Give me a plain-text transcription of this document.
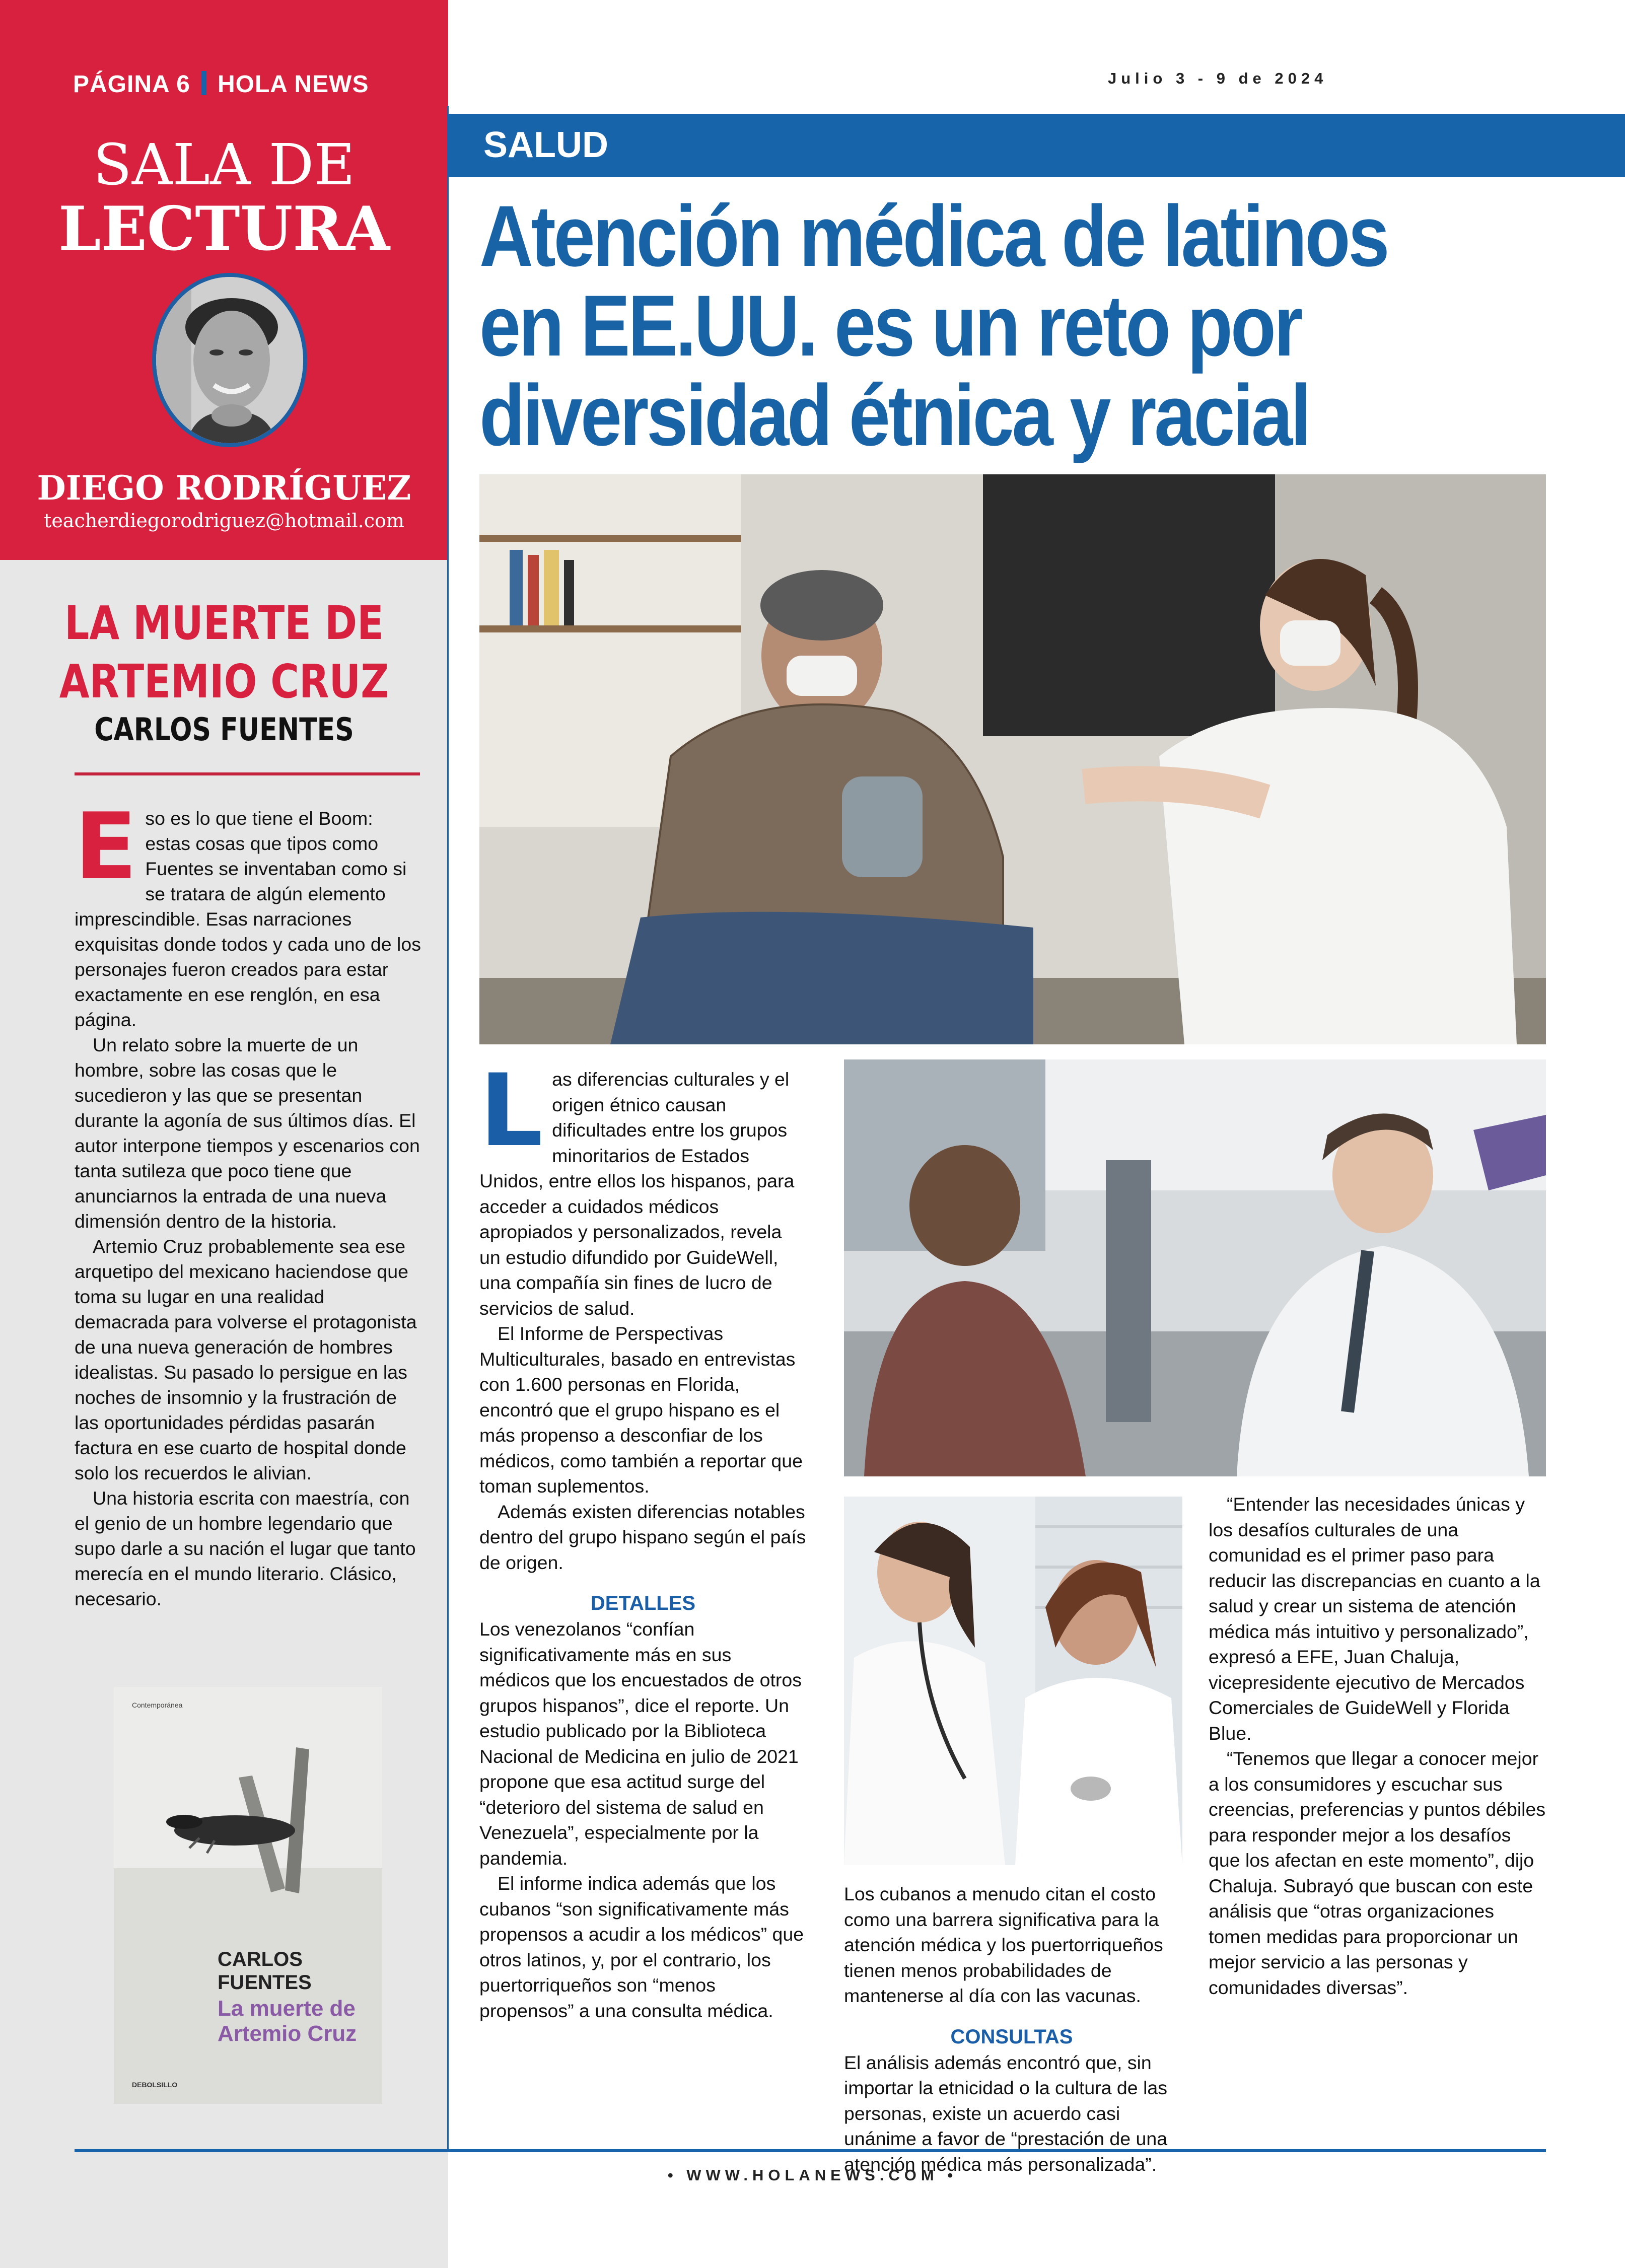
PÁGINA 6 HOLA NEWS
SALA DE
LECTURA
DIEGO RODRÍGUEZ
teacherdiegorodriguez@hotmail.com
LA MUERTE DE
ARTEMIO CRUZ
CARLOS FUENTES

Eso es lo que tiene el Boom: estas cosas que tipos como Fuentes se inventaban como si se tratara de algún elemento imprescindible. Esas narraciones exquisitas donde todos y cada uno de los personajes fueron creados para estar exactamente en ese renglón, en esa página.

Un relato sobre la muerte de un hombre, sobre las cosas que le sucedieron y las que se presentan durante la agonía de sus últimos días. El autor interpone tiempos y escenarios con tanta sutileza que poco tiene que anunciarnos la entrada de una nueva dimensión dentro de la historia.

Artemio Cruz probablemente sea ese arquetipo del mexicano haciendose que toma su lugar en una realidad demacrada para volverse el protagonista de una nueva generación de hombres idealistas. Su pasado lo persigue en las noches de insomnio y la frustración de las oportunidades pérdidas pasarán factura en ese cuarto de hospital donde solo los recuerdos le alivian.

Una historia escrita con maestría, con el genio de un hombre legendario que supo darle a su nación el lugar que tanto merecía en el mundo literario. Clásico, necesario.

Contemporánea
CARLOS
FUENTES
La muerte de Artemio Cruz
DEBOLSILLO
Julio 3 - 9 de 2024
SALUD
Atención médica de latinos
en EE.UU. es un reto por
diversidad étnica y racial

Las diferencias culturales y el origen étnico causan dificultades entre los grupos minoritarios de Estados Unidos, entre ellos los hispanos, para acceder a cuidados médicos apropiados y personalizados, revela un estudio difundido por GuideWell, una compañía sin fines de lucro de servicios de salud.

El Informe de Perspectivas Multiculturales, basado en entrevistas con 1.600 personas en Florida, encontró que el grupo hispano es el más propenso a desconfiar de los médicos, como también a reportar que toman suplementos.

Además existen diferencias notables dentro del grupo hispano según el país de origen.

DETALLES

Los venezolanos “confían significativamente más en sus médicos que los encuestados de otros grupos hispanos”, dice el reporte. Un estudio publicado por la Biblioteca Nacional de Medicina en julio de 2021 propone que esa actitud surge del “deterioro del sistema de salud en Venezuela”, especialmente por la pandemia.

El informe indica además que los cubanos “son significativamente más propensos a acudir a los médicos” que otros latinos, y, por el contrario, los puertorriqueños son “menos propensos” a una consulta médica.

Los cubanos a menudo citan el costo como una barrera significativa para la atención médica y los puertorriqueños tienen menos probabilidades de mantenerse al día con las vacunas.

CONSULTAS

El análisis además encontró que, sin importar la etnicidad o la cultura de las personas, existe un acuerdo casi unánime a favor de “prestación de una atención médica más personalizada”.

“Entender las necesidades únicas y los desafíos culturales de una comunidad es el primer paso para reducir las discrepancias en cuanto a la salud y crear un sistema de atención médica más intuitivo y personalizado”, expresó a EFE, Juan Chaluja, vicepresidente ejecutivo de Mercados Comerciales de GuideWell y Florida Blue.

“Tenemos que llegar a conocer mejor a los consumidores y escuchar sus creencias, preferencias y puntos débiles para responder mejor a los desafíos que los afectan en este momento”, dijo Chaluja. Subrayó que buscan con este análisis que “otras organizaciones tomen medidas para proporcionar un mejor servicio a las personas y comunidades diversas”.

• WWW.HOLANEWS.COM •
